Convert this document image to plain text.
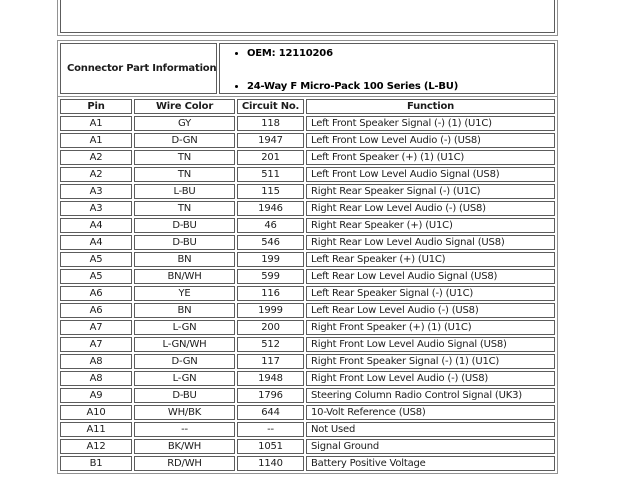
Connector Part Information	
• OEM: 12110206
• 24-Way F Micro-Pack 100 Series (L-BU)
Pin	Wire Color	Circuit No.	Function
A1	GY	118	Left Front Speaker Signal (-) (1) (U1C)
A1	D-GN	1947	Left Front Low Level Audio (-) (US8)
A2	TN	201	Left Front Speaker (+) (1) (U1C)
A2	TN	511	Left Front Low Level Audio Signal (US8)
A3	L-BU	115	Right Rear Speaker Signal (-) (U1C)
A3	TN	1946	Right Rear Low Level Audio (-) (US8)
A4	D-BU	46	Right Rear Speaker (+) (U1C)
A4	D-BU	546	Right Rear Low Level Audio Signal (US8)
A5	BN	199	Left Rear Speaker (+) (U1C)
A5	BN/WH	599	Left Rear Low Level Audio Signal (US8)
A6	YE	116	Left Rear Speaker Signal (-) (U1C)
A6	BN	1999	Left Rear Low Level Audio (-) (US8)
A7	L-GN	200	Right Front Speaker (+) (1) (U1C)
A7	L-GN/WH	512	Right Front Low Level Audio Signal (US8)
A8	D-GN	117	Right Front Speaker Signal (-) (1) (U1C)
A8	L-GN	1948	Right Front Low Level Audio (-) (US8)
A9	D-BU	1796	Steering Column Radio Control Signal (UK3)
A10	WH/BK	644	10-Volt Reference (US8)
A11	--	--	Not Used
A12	BK/WH	1051	Signal Ground
B1	RD/WH	1140	Battery Positive Voltage
